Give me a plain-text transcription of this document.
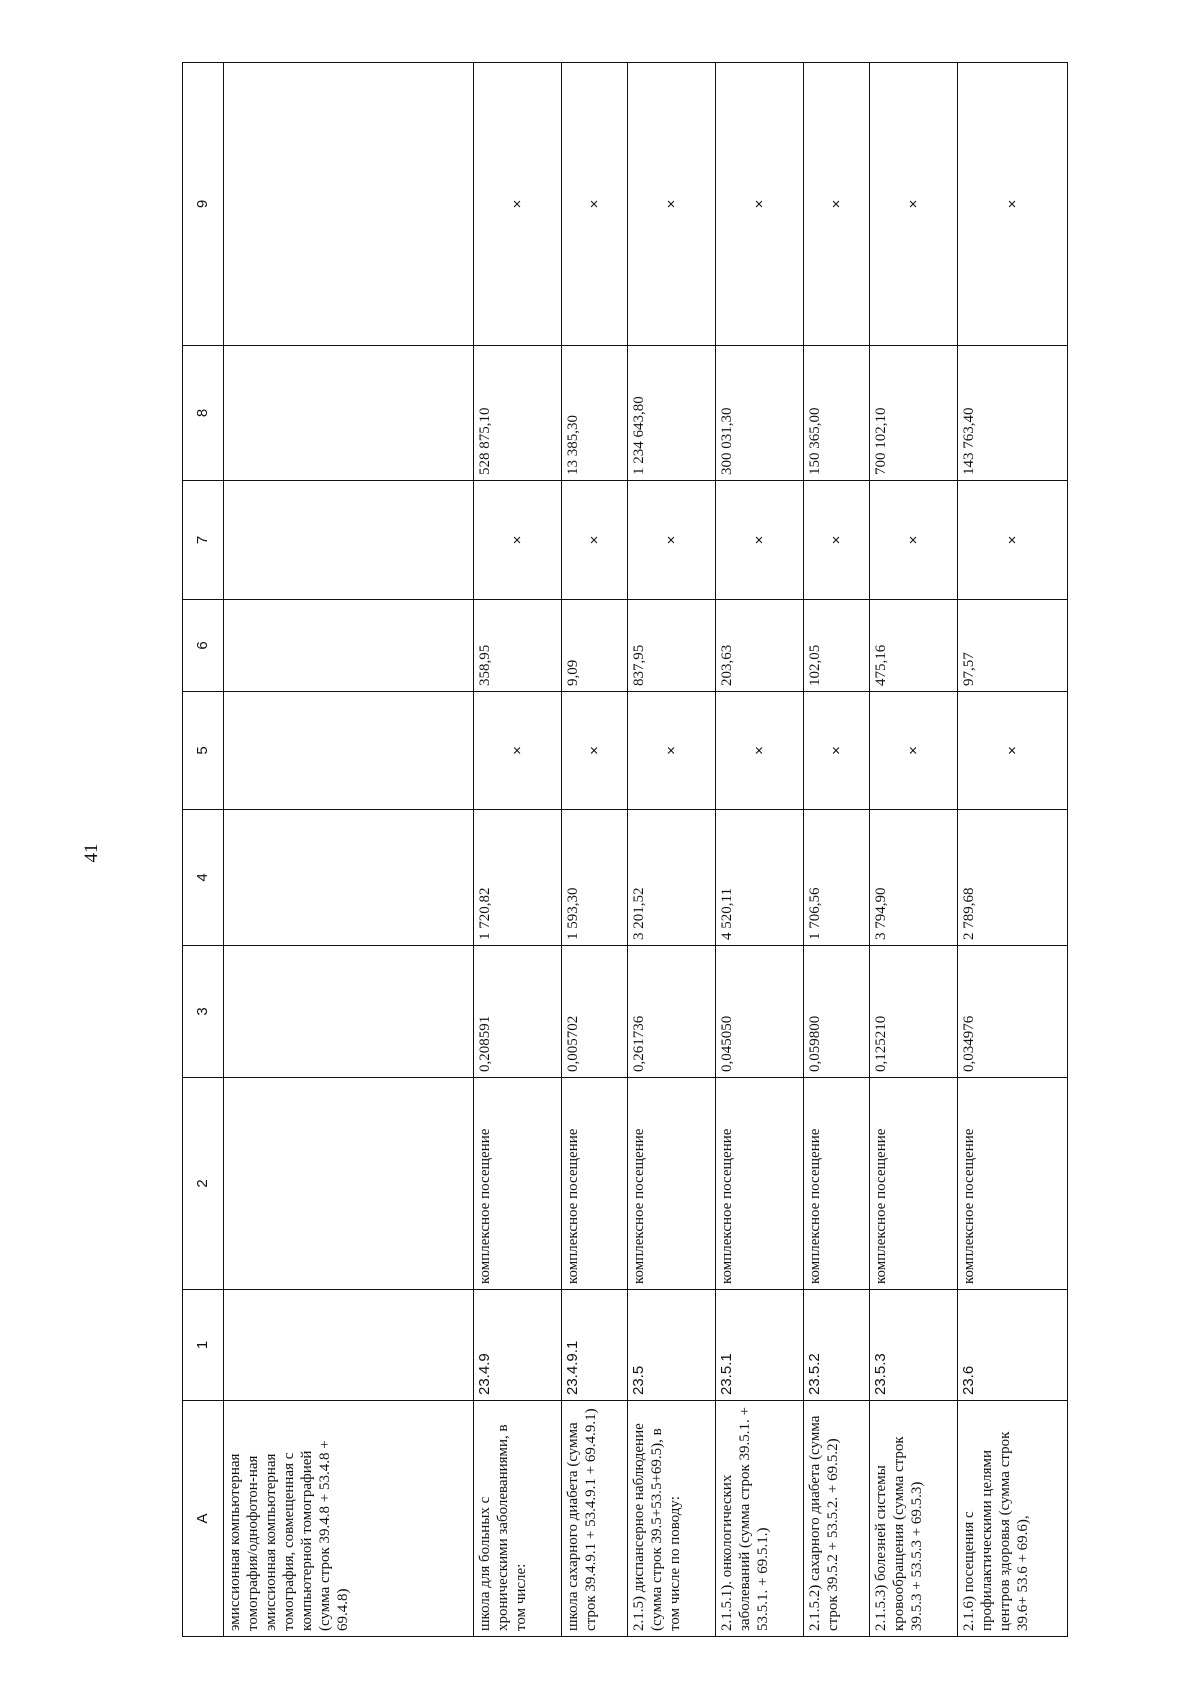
41
A	1	2	3	4	5	6	7	8	9
эмиссионная компьютерная томография/однофотон-ная эмиссионная компьютерная томография, совмещенная с компьютерной томографией (сумма строк 39.4.8 + 53.4.8 + 69.4.8)									
школа для больных с хроническими заболеваниями, в том числе:	23.4.9	комплексное посещение	0,208591	1 720,82	×	358,95	×	528 875,10	×
школа сахарного диабета (сумма строк 39.4.9.1 + 53.4.9.1 + 69.4.9.1)	23.4.9.1	комплексное посещение	0,005702	1 593,30	×	9,09	×	13 385,30	×
2.1.5) диспансерное наблюдение (сумма строк 39.5+53.5+69.5), в том числе по поводу:	23.5	комплексное посещение	0,261736	3 201,52	×	837,95	×	1 234 643,80	×
2.1.5.1). онкологических заболеваний (сумма строк 39.5.1. + 53.5.1. + 69.5.1.)	23.5.1	комплексное посещение	0,045050	4 520,11	×	203,63	×	300 031,30	×
2.1.5.2) сахарного диабета (сумма строк 39.5.2 + 53.5.2. + 69.5.2)	23.5.2	комплексное посещение	0,059800	1 706,56	×	102,05	×	150 365,00	×
2.1.5.3) болезней системы кровообращения (сумма строк 39.5.3 + 53.5.3 + 69.5.3)	23.5.3	комплексное посещение	0,125210	3 794,90	×	475,16	×	700 102,10	×
2.1.6) посещения с профилактическими целями центров здоровья (сумма строк 39.6+ 53.6 + 69.6),	23.6	комплексное посещение	0,034976	2 789,68	×	97,57	×	143 763,40	×
